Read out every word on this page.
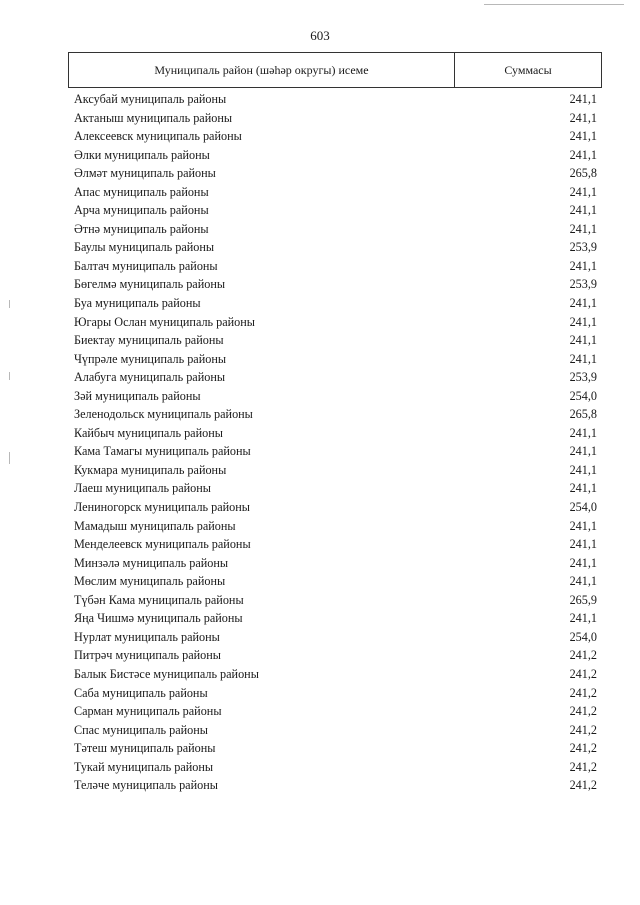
603
Муниципаль район (шәһәр округы) исеме	Суммасы
Аксубай муниципаль районы	241,1
Актаныш муниципаль районы	241,1
Алексеевск муниципаль районы	241,1
Әлки муниципаль районы	241,1
Әлмәт муниципаль районы	265,8
Апас муниципаль районы	241,1
Арча муниципаль районы	241,1
Әтнә муниципаль районы	241,1
Баулы муниципаль районы	253,9
Балтач муниципаль районы	241,1
Бөгелмә муниципаль районы	253,9
Буа муниципаль районы	241,1
Югары Ослан муниципаль районы	241,1
Биектау муниципаль районы	241,1
Чүпрәле муниципаль районы	241,1
Алабуга муниципаль районы	253,9
Зәй муниципаль районы	254,0
Зеленодольск муниципаль районы	265,8
Кайбыч муниципаль районы	241,1
Кама Тамагы муниципаль районы	241,1
Кукмара муниципаль районы	241,1
Лаеш муниципаль районы	241,1
Лениногорск муниципаль районы	254,0
Мамадыш муниципаль районы	241,1
Менделеевск муниципаль районы	241,1
Минзәлә муниципаль районы	241,1
Мөслим муниципаль районы	241,1
Түбән Кама муниципаль районы	265,9
Яңа Чишмә муниципаль районы	241,1
Нурлат муниципаль районы	254,0
Питрәч муниципаль районы	241,2
Балык Бистәсе муниципаль районы	241,2
Саба муниципаль районы	241,2
Сарман муниципаль районы	241,2
Спас муниципаль районы	241,2
Тәтеш муниципаль районы	241,2
Тукай муниципаль районы	241,2
Теләче муниципаль районы	241,2
